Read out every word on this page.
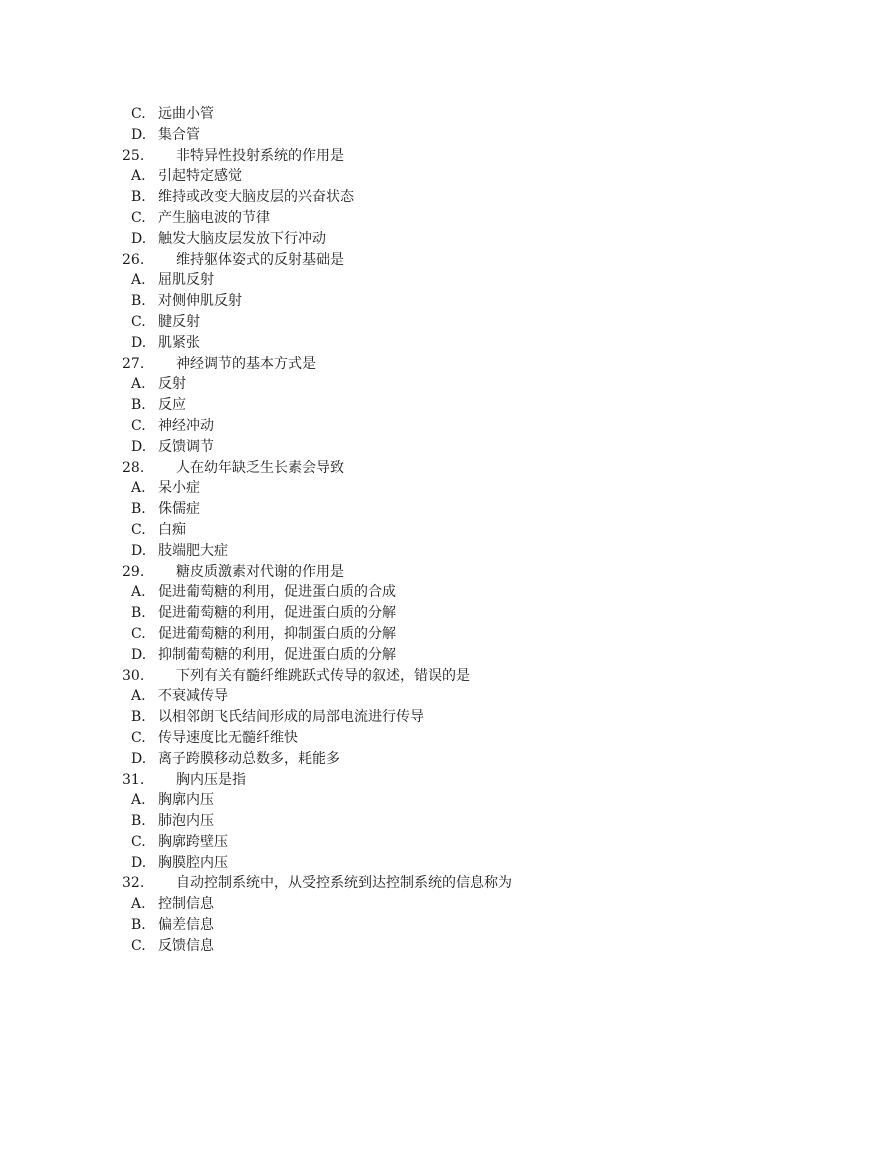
C. 远曲小管
D. 集合管
25. 非特异性投射系统的作用是
A. 引起特定感觉
B. 维持或改变大脑皮层的兴奋状态
C. 产生脑电波的节律
D. 触发大脑皮层发放下行冲动
26. 维持躯体姿式的反射基础是
A. 屈肌反射
B. 对侧伸肌反射
C. 腱反射
D. 肌紧张
27. 神经调节的基本方式是
A. 反射
B. 反应
C. 神经冲动
D. 反馈调节
28. 人在幼年缺乏生长素会导致
A. 呆小症
B. 侏儒症
C. 白痴
D. 肢端肥大症
29. 糖皮质激素对代谢的作用是
A. 促进葡萄糖的利用，促进蛋白质的合成
B. 促进葡萄糖的利用，促进蛋白质的分解
C. 促进葡萄糖的利用，抑制蛋白质的分解
D. 抑制葡萄糖的利用，促进蛋白质的分解
30. 下列有关有髓纤维跳跃式传导的叙述，错误的是
A. 不衰减传导
B. 以相邻朗飞氏结间形成的局部电流进行传导
C. 传导速度比无髓纤维快
D. 离子跨膜移动总数多，耗能多
31. 胸内压是指
A. 胸廓内压
B. 肺泡内压
C. 胸廓跨壁压
D. 胸膜腔内压
32. 自动控制系统中，从受控系统到达控制系统的信息称为
A. 控制信息
B. 偏差信息
C. 反馈信息
